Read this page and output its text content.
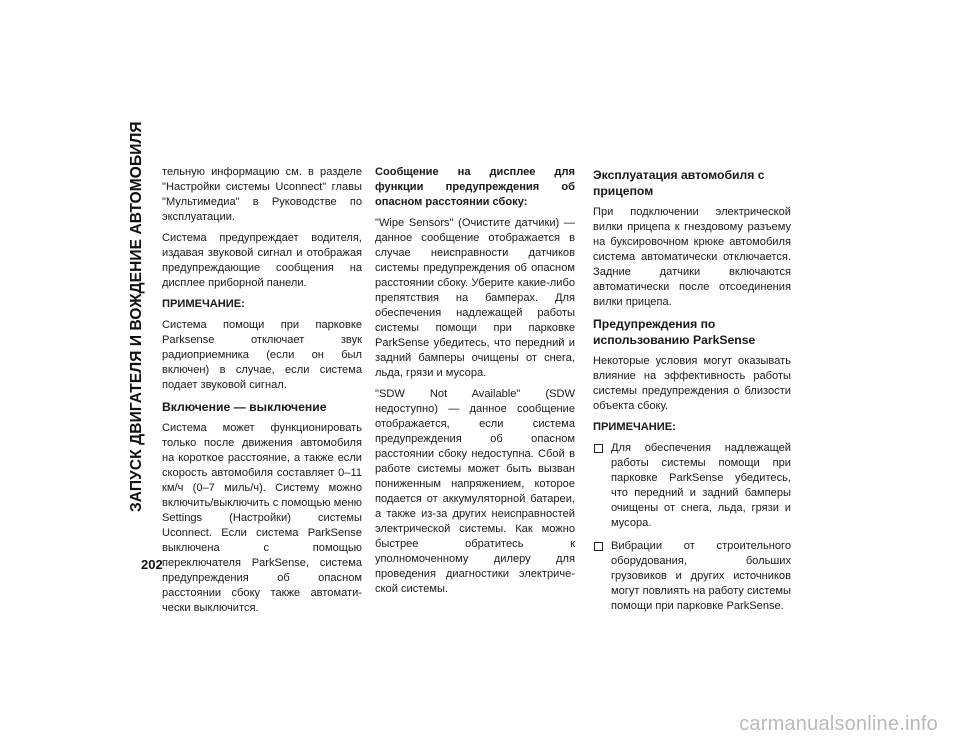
ЗАПУСК ДВИГАТЕЛЯ И ВОЖДЕНИЕ АВТОМОБИЛЯ
202

тельную информацию см. в разделе "Настройки системы Uconnect" главы "Мультимедиа" в Руководстве по эксплуатации.

Система предупреждает водителя, издавая звуковой сигнал и отображая предупреждающие сообщения на дисплее приборной панели.

ПРИМЕЧАНИЕ:

Система помощи при парковке Parksense отключает звук радиоприемника (если он был включен) в случае, если система подает звуковой сигнал.

Включение — выключение

Система может функционировать только после движения автомобиля на короткое расстояние, а также если скорость автомобиля составляет 0–11 км/ч (0–7 миль/ч). Систему можно включить/выключить с помощью меню Settings (Настройки) системы Uconnect. Если система ParkSense выключена с помощью переключателя ParkSense, система предупреждения об опасном расстоянии сбоку также автоматически выключится.

Сообщение на дисплее для функции предупреждения об опасном расстоянии сбоку:

"Wipe Sensors" (Очистите датчики) — данное сообщение отображается в случае неисправности датчиков системы предупреждения об опасном расстоянии сбоку. Уберите какие-либо препятствия на бамперах. Для обеспечения надлежащей работы системы помощи при парковке ParkSense убедитесь, что передний и задний бамперы очищены от снега, льда, грязи и мусора.

"SDW Not Available" (SDW недоступно) — данное сообщение отображается, если система предупреждения об опасном расстоянии сбоку недоступна. Сбой в работе системы может быть вызван пониженным напряжением, которое подается от аккумуляторной батареи, а также из-за других неисправностей электрической системы. Как можно быстрее обратитесь к уполномоченному дилеру для проведения диагностики электрической системы.

Эксплуатация автомобиля с прицепом

При подключении электрической вилки прицепа к гнездовому разъему на буксировочном крюке автомобиля система автоматически отключается. Задние датчики включаются автоматически после отсоединения вилки прицепа.

Предупреждения по использованию ParkSense

Некоторые условия могут оказывать влияние на эффективность работы системы предупреждения о близости объекта сбоку.

ПРИМЕЧАНИЕ:

Для обеспечения надлежащей работы системы помощи при парковке ParkSense убедитесь, что передний и задний бамперы очищены от снега, льда, грязи и мусора.
Вибрации от строительного оборудования, больших грузовиков и других источников могут повлиять на работу системы помощи при парковке ParkSense.
carmanualsonline.info
